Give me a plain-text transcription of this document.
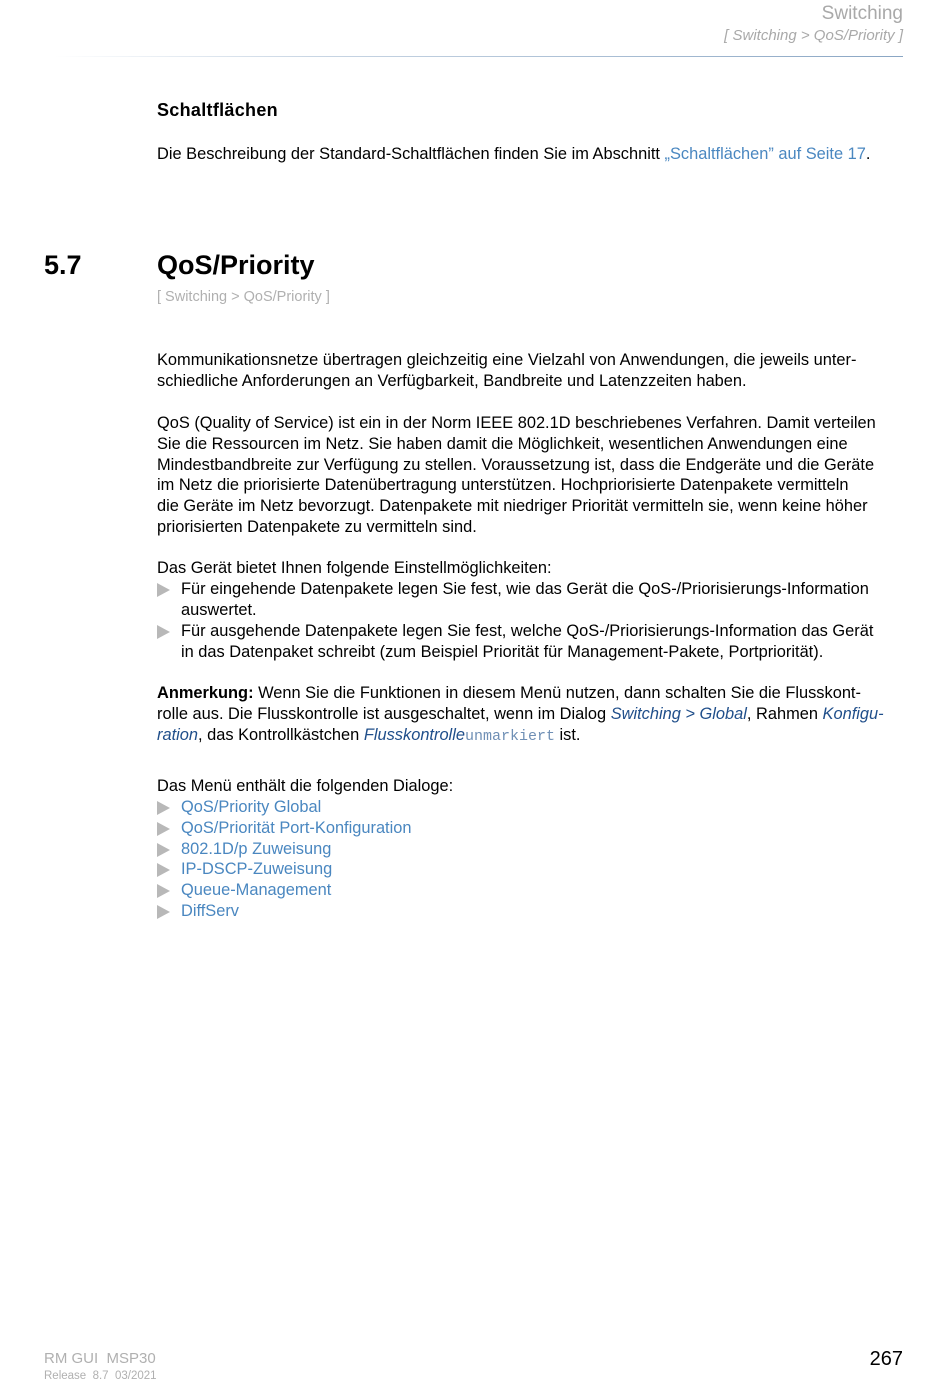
Switching
[ Switching > QoS/Priority ]
Schaltflächen
Die Beschreibung der Standard-Schaltflächen finden Sie im Abschnitt „Schaltflächen” auf Seite 17.
5.7	QoS/Priority
[ Switching > QoS/Priority ]
Kommunikationsnetze übertragen gleichzeitig eine Vielzahl von Anwendungen, die jeweils unter-
schiedliche Anforderungen an Verfügbarkeit, Bandbreite und Latenzzeiten haben.
QoS (Quality of Service) ist ein in der Norm IEEE 802.1D beschriebenes Verfahren. Damit verteilen
Sie die Ressourcen im Netz. Sie haben damit die Möglichkeit, wesentlichen Anwendungen eine
Mindestbandbreite zur Verfügung zu stellen. Voraussetzung ist, dass die Endgeräte und die Geräte
im Netz die priorisierte Datenübertragung unterstützen. Hochpriorisierte Datenpakete vermitteln
die Geräte im Netz bevorzugt. Datenpakete mit niedriger Priorität vermitteln sie, wenn keine höher
priorisierten Datenpakete zu vermitteln sind.
Das Gerät bietet Ihnen folgende Einstellmöglichkeiten:
Für eingehende Datenpakete legen Sie fest, wie das Gerät die QoS-/Priorisierungs-Information
auswertet.
Für ausgehende Datenpakete legen Sie fest, welche QoS-/Priorisierungs-Information das Gerät
in das Datenpaket schreibt (zum Beispiel Priorität für Management-Pakete, Portpriorität).
Anmerkung: Wenn Sie die Funktionen in diesem Menü nutzen, dann schalten Sie die Flusskont-
rolle aus. Die Flusskontrolle ist ausgeschaltet, wenn im Dialog Switching > Global, Rahmen Konfigu-
ration, das Kontrollkästchen Flusskontrolleunmarkiert ist.
Das Menü enthält die folgenden Dialoge:
QoS/Priority Global
QoS/Priorität Port-Konfiguration
802.1D/p Zuweisung
IP-DSCP-Zuweisung
Queue-Management
DiffServ
RM GUI  MSP30
Release  8.7  03/2021
267
